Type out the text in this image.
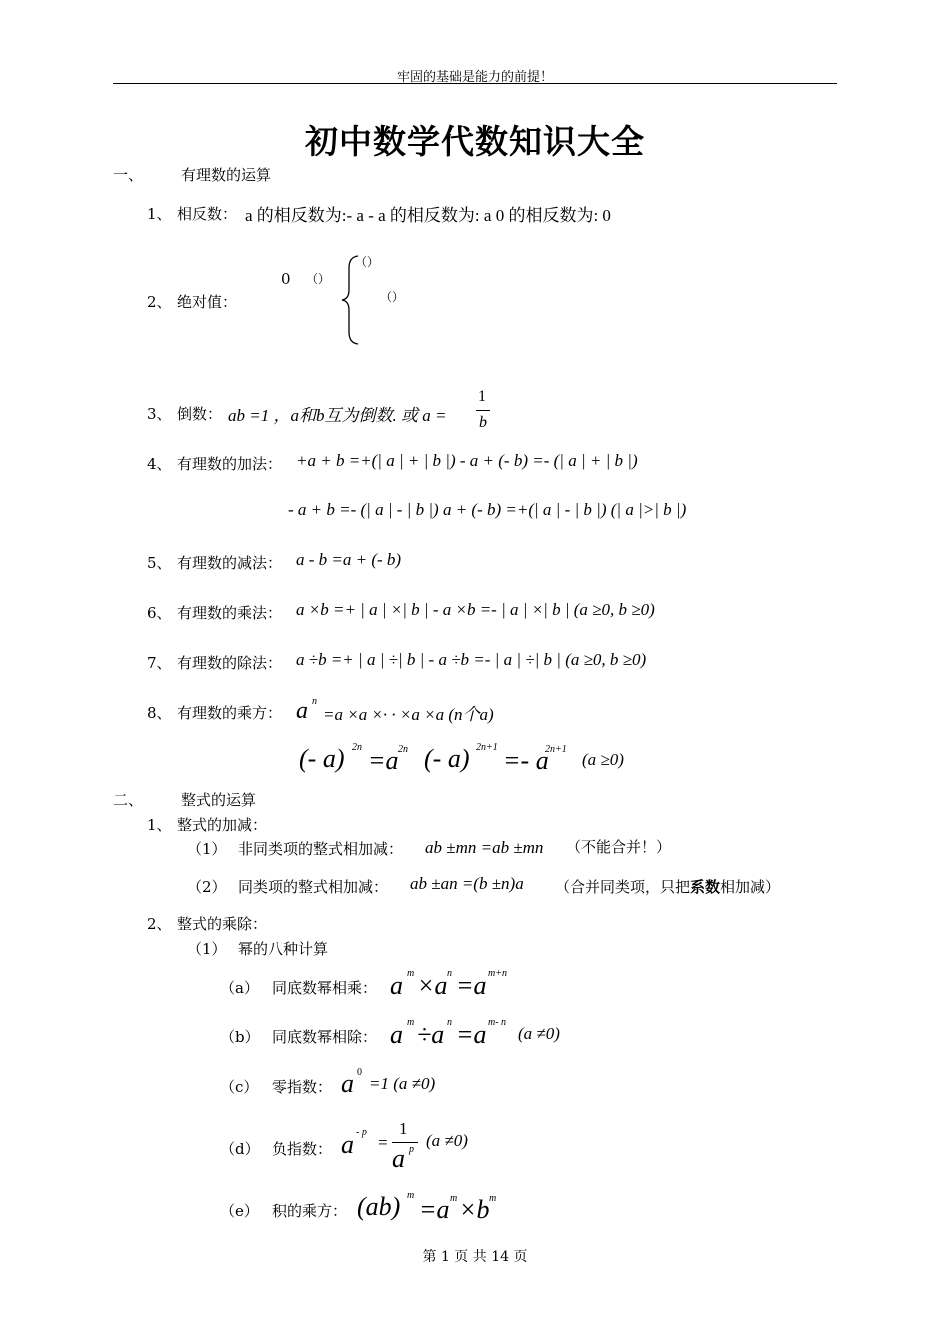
牢固的基础是能力的前提！
初中数学代数知识大全
一、	有理数的运算
1、 相反数： a 的相反数为:- a - a 的相反数为: a 0 的相反数为: 0
2、 绝对值：
0 （）
（）
（）
3、 倒数： ab =1 ，a和b互为倒数. 或 a =
1
b
4、 有理数的加法： +a + b =+(| a | + | b |) - a + (- b) =- (| a | + | b |)
- a + b =- (| a | - | b |) a + (- b) =+(| a | - | b |) (| a |>| b |)
5、 有理数的减法： a - b =a + (- b)
6、 有理数的乘法： a ×b =+ | a | ×| b | - a ×b =- | a | ×| b | (a ≥0, b ≥0)
7、 有理数的除法： a ÷b =+ | a | ÷| b | - a ÷b =- | a | ÷| b | (a ≥0, b ≥0)
8、 有理数的乘方： a n
=a ×a ×· · ×a ×a (n个a)
(- a) 2n =a 2n (- a) 2n+1 =- a
2n+1
(a ≥0)
二、	整式的运算
1、 整式的加减：
（1） 非同类项的整式相加减： ab ±mn =ab ±mn （不能合并！）
（2） 同类项的整式相加减： ab ±an =(b ±n)a （合并同类项，只把系数相加减）
2、 整式的乘除：
（1） 幂的八种计算
（a） 同底数幂相乘： a m ×a n =a m+n
（b） 同底数幂相除： a m ÷a n =a m- n
(a ≠0)
（c） 零指数： a 0
=1 (a ≠0)
（d） 负指数： a - p
=
1
a p (a ≠0)
（e） 积的乘方： (ab) m =a m ×b m
第 1 页 共 14 页
